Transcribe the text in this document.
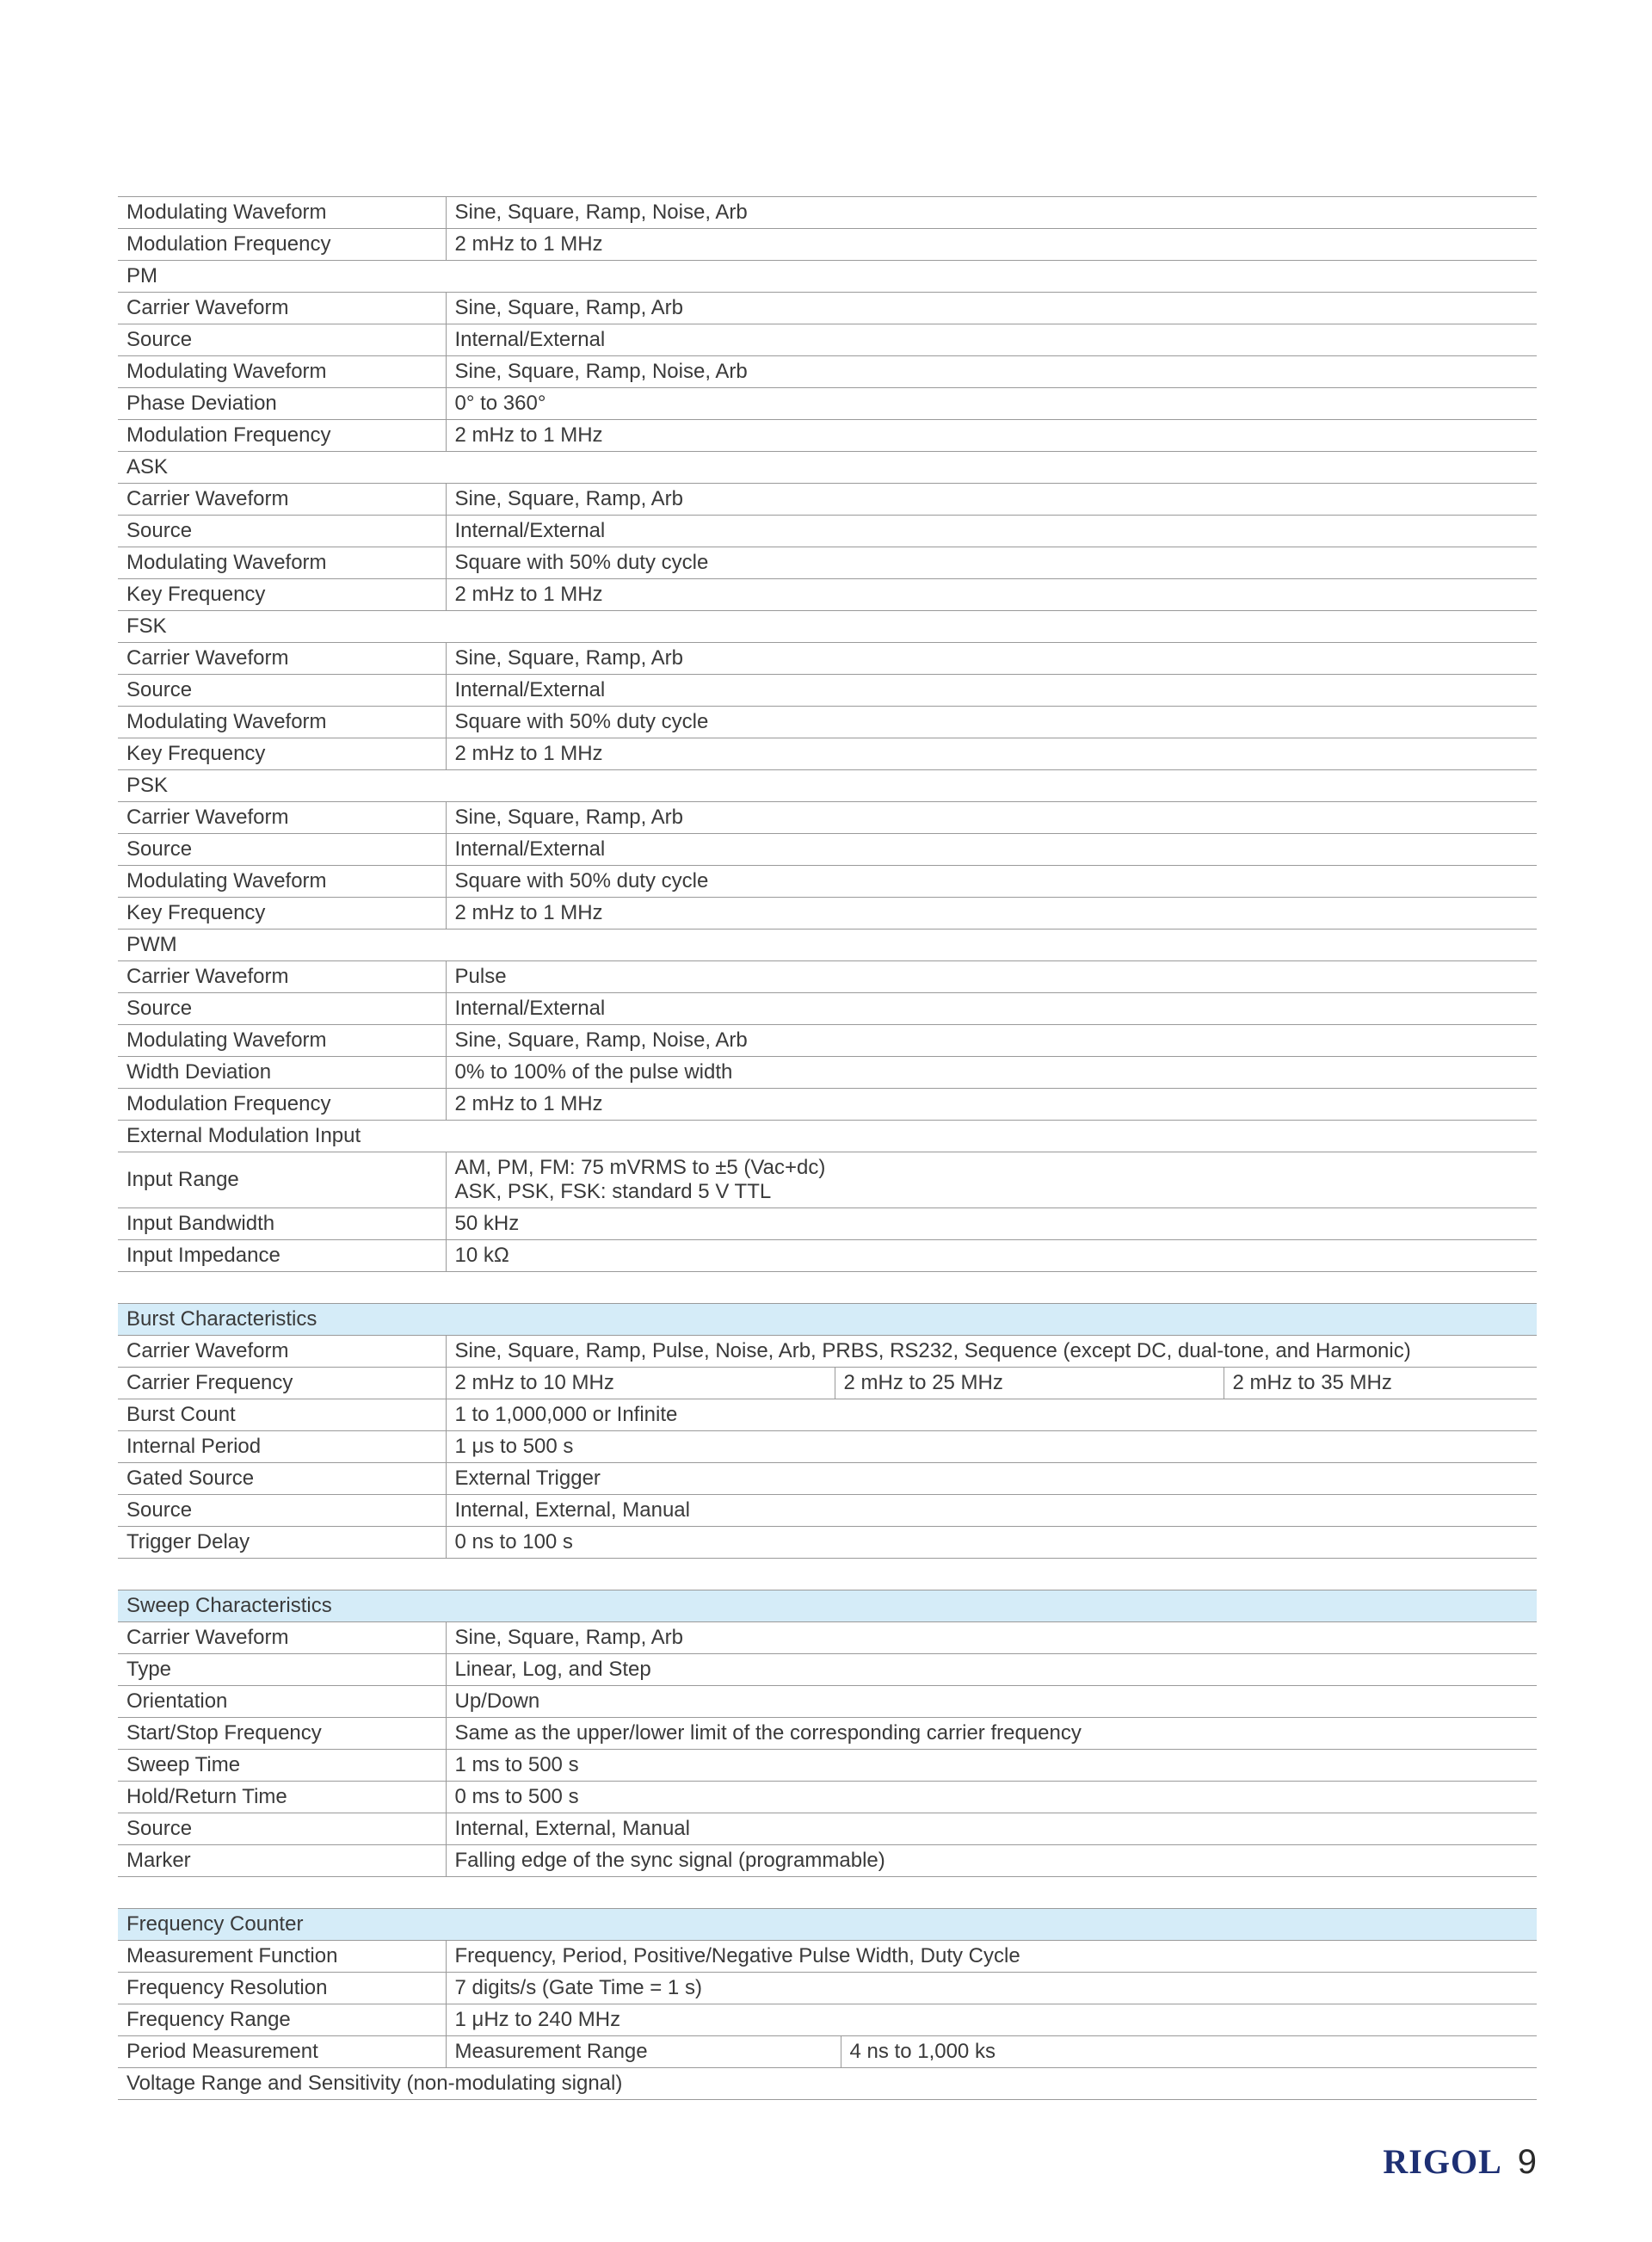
Modulating Waveform	Sine, Square, Ramp, Noise, Arb
Modulation Frequency	2 mHz to 1 MHz
PM	
Carrier Waveform	Sine, Square, Ramp, Arb
Source	Internal/External
Modulating Waveform	Sine, Square, Ramp, Noise, Arb
Phase Deviation	0° to 360°
Modulation Frequency	2 mHz to 1 MHz
ASK	
Carrier Waveform	Sine, Square, Ramp, Arb
Source	Internal/External
Modulating Waveform	Square with 50% duty cycle
Key Frequency	2 mHz to 1 MHz
FSK	
Carrier Waveform	Sine, Square, Ramp, Arb
Source	Internal/External
Modulating Waveform	Square with 50% duty cycle
Key Frequency	2 mHz to 1 MHz
PSK	
Carrier Waveform	Sine, Square, Ramp, Arb
Source	Internal/External
Modulating Waveform	Square with 50% duty cycle
Key Frequency	2 mHz to 1 MHz
PWM	
Carrier Waveform	Pulse
Source	Internal/External
Modulating Waveform	Sine, Square, Ramp, Noise, Arb
Width Deviation	0% to 100% of the pulse width
Modulation Frequency	2 mHz to 1 MHz
External Modulation Input	
Input Range	AM, PM, FM: 75 mVRMS to ±5 (Vac+dc)
ASK, PSK, FSK: standard 5 V TTL

Input Bandwidth	50 kHz
Input Impedance	10 kΩ
Burst Characteristics			
Carrier Waveform	Sine, Square, Ramp, Pulse, Noise, Arb, PRBS, RS232, Sequence (except DC, dual-tone, and Harmonic)		
Carrier Frequency	2 mHz to 10 MHz	2 mHz to 25 MHz	2 mHz to 35 MHz
Burst Count	1 to 1,000,000 or Infinite		
Internal Period	1 μs to 500 s		
Gated Source	External Trigger		
Source	Internal, External, Manual		
Trigger Delay	0 ns to 100 s		
Sweep Characteristics	
Carrier Waveform	Sine, Square, Ramp, Arb
Type	Linear, Log, and Step
Orientation	Up/Down
Start/Stop Frequency	Same as the upper/lower limit of the corresponding carrier frequency
Sweep Time	1 ms to 500 s
Hold/Return Time	0 ms to 500 s
Source	Internal, External, Manual
Marker	Falling edge of the sync signal (programmable)
Frequency Counter		
Measurement Function	Frequency, Period, Positive/Negative Pulse Width, Duty Cycle	
Frequency Resolution	7 digits/s (Gate Time = 1 s)	
Frequency Range	1 μHz to 240 MHz	
Period Measurement	Measurement Range	4 ns to 1,000 ks
Voltage Range and Sensitivity (non-modulating signal)		
RIGOL 9
